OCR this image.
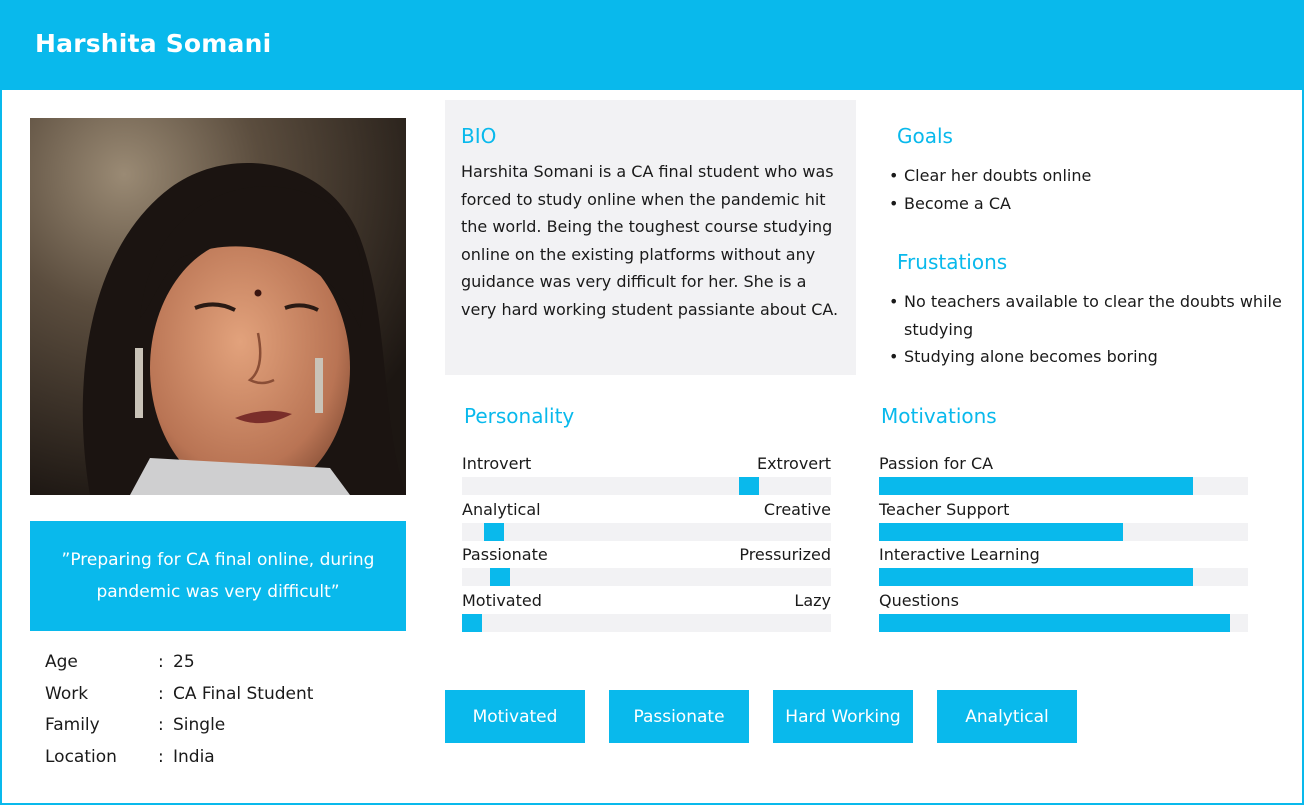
Harshita Somani
”Preparing for CA final online, during pandemic was very difficult”
Age	: 25
Work	: CA Final Student
Family	: Single
Location : India
BIO

Harshita Somani is a CA final student who was forced to study online when the pandemic hit the world. Being the toughest course studying online on the existing platforms without any guidance was very difficult for her. She is a very hard working student passiante about CA.

Goals
• Clear her doubts online
• Become a CA
Frustations
• No teachers available to clear the doubts while studying
• Studying alone becomes boring
Personality
Introvert	Extrovert
Analytical	Creative
Passionate	Pressurized
Motivated	Lazy
Motivations
Passion for CA
Teacher Support
Interactive Learning
Questions
Motivated	Passionate	Hard Working	Analytical
